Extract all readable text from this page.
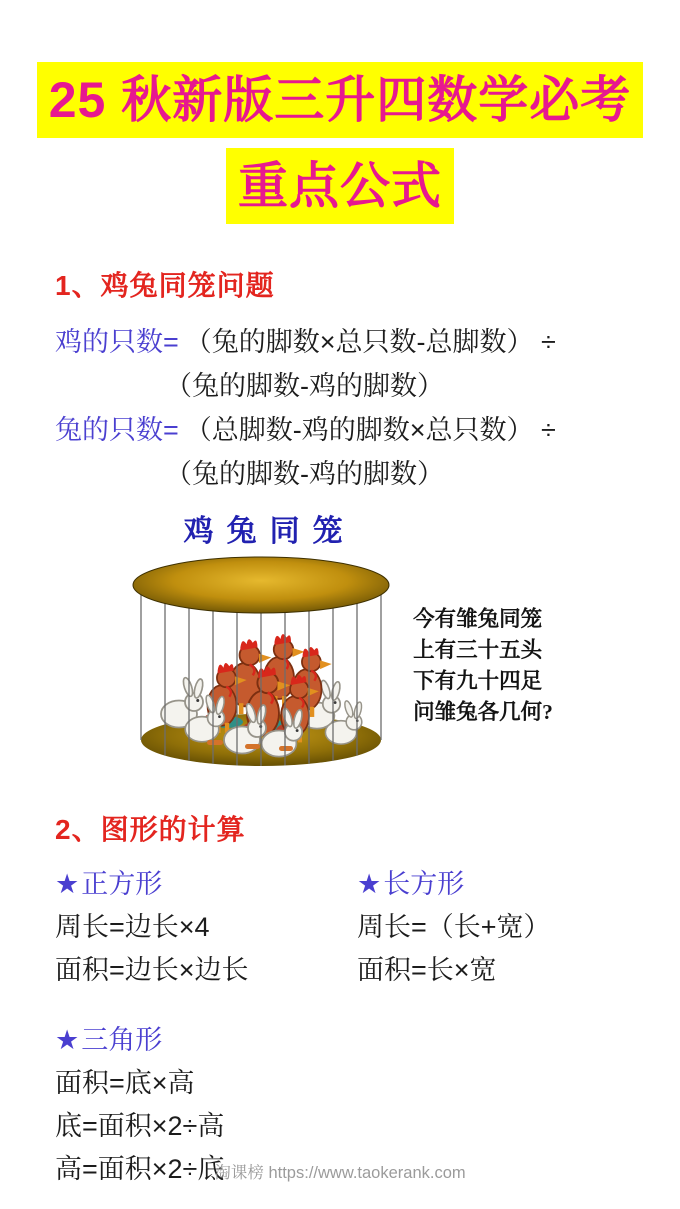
25 秋新版三升四数学必考
重点公式
1、鸡兔同笼问题
鸡的只数= （兔的脚数×总只数-总脚数） ÷
（兔的脚数-鸡的脚数）
兔的只数= （总脚数-鸡的脚数×总只数） ÷
（兔的脚数-鸡的脚数）
鸡兔同笼
今有雏兔同笼
上有三十五头
下有九十四足
问雏兔各几何?
2、图形的计算
★正方形
周长=边长×4
面积=边长×边长
★长方形
周长=（长+宽）
面积=长×宽
★三角形
面积=底×高
底=面积×2÷高
高=面积×2÷底
淘课榜 https://www.taokerank.com
